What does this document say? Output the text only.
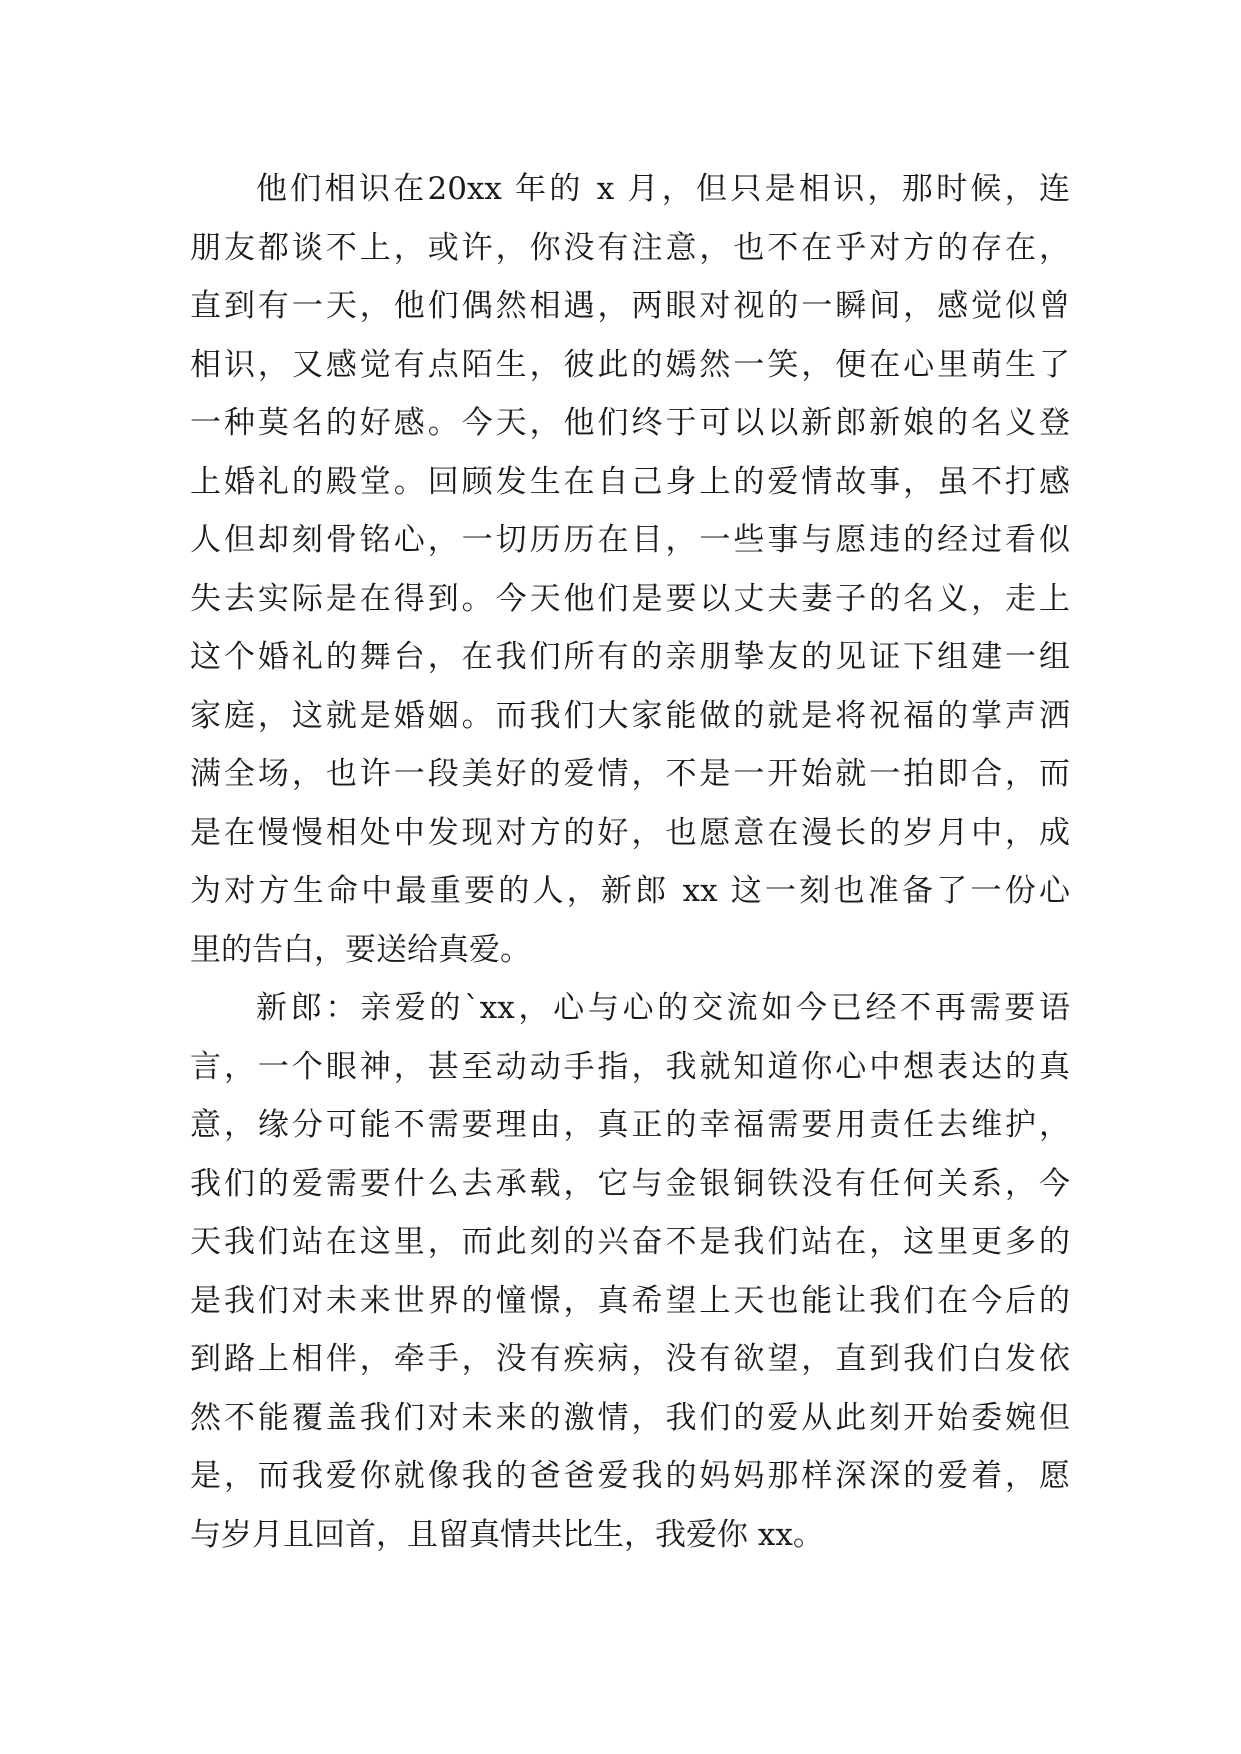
他们相识在20xx 年的 x 月，但只是相识，那时候，连
朋友都谈不上，或许，你没有注意，也不在乎对方的存在，
直到有一天，他们偶然相遇，两眼对视的一瞬间，感觉似曾
相识，又感觉有点陌生，彼此的嫣然一笑，便在心里萌生了
一种莫名的好感。今天，他们终于可以以新郎新娘的名义登
上婚礼的殿堂。回顾发生在自己身上的爱情故事，虽不打感
人但却刻骨铭心，一切历历在目，一些事与愿违的经过看似
失去实际是在得到。今天他们是要以丈夫妻子的名义，走上
这个婚礼的舞台，在我们所有的亲朋挚友的见证下组建一组
家庭，这就是婚姻。而我们大家能做的就是将祝福的掌声洒
满全场，也许一段美好的爱情，不是一开始就一拍即合，而
是在慢慢相处中发现对方的好，也愿意在漫长的岁月中，成
为对方生命中最重要的人，新郎 xx 这一刻也准备了一份心
里的告白，要送给真爱。
新郎：亲爱的`xx，心与心的交流如今已经不再需要语
言，一个眼神，甚至动动手指，我就知道你心中想表达的真
意，缘分可能不需要理由，真正的幸福需要用责任去维护，
我们的爱需要什么去承载，它与金银铜铁没有任何关系，今
天我们站在这里，而此刻的兴奋不是我们站在，这里更多的
是我们对未来世界的憧憬，真希望上天也能让我们在今后的
到路上相伴，牵手，没有疾病，没有欲望，直到我们白发依
然不能覆盖我们对未来的激情，我们的爱从此刻开始委婉但
是，而我爱你就像我的爸爸爱我的妈妈那样深深的爱着，愿
与岁月且回首，且留真情共比生，我爱你 xx。
